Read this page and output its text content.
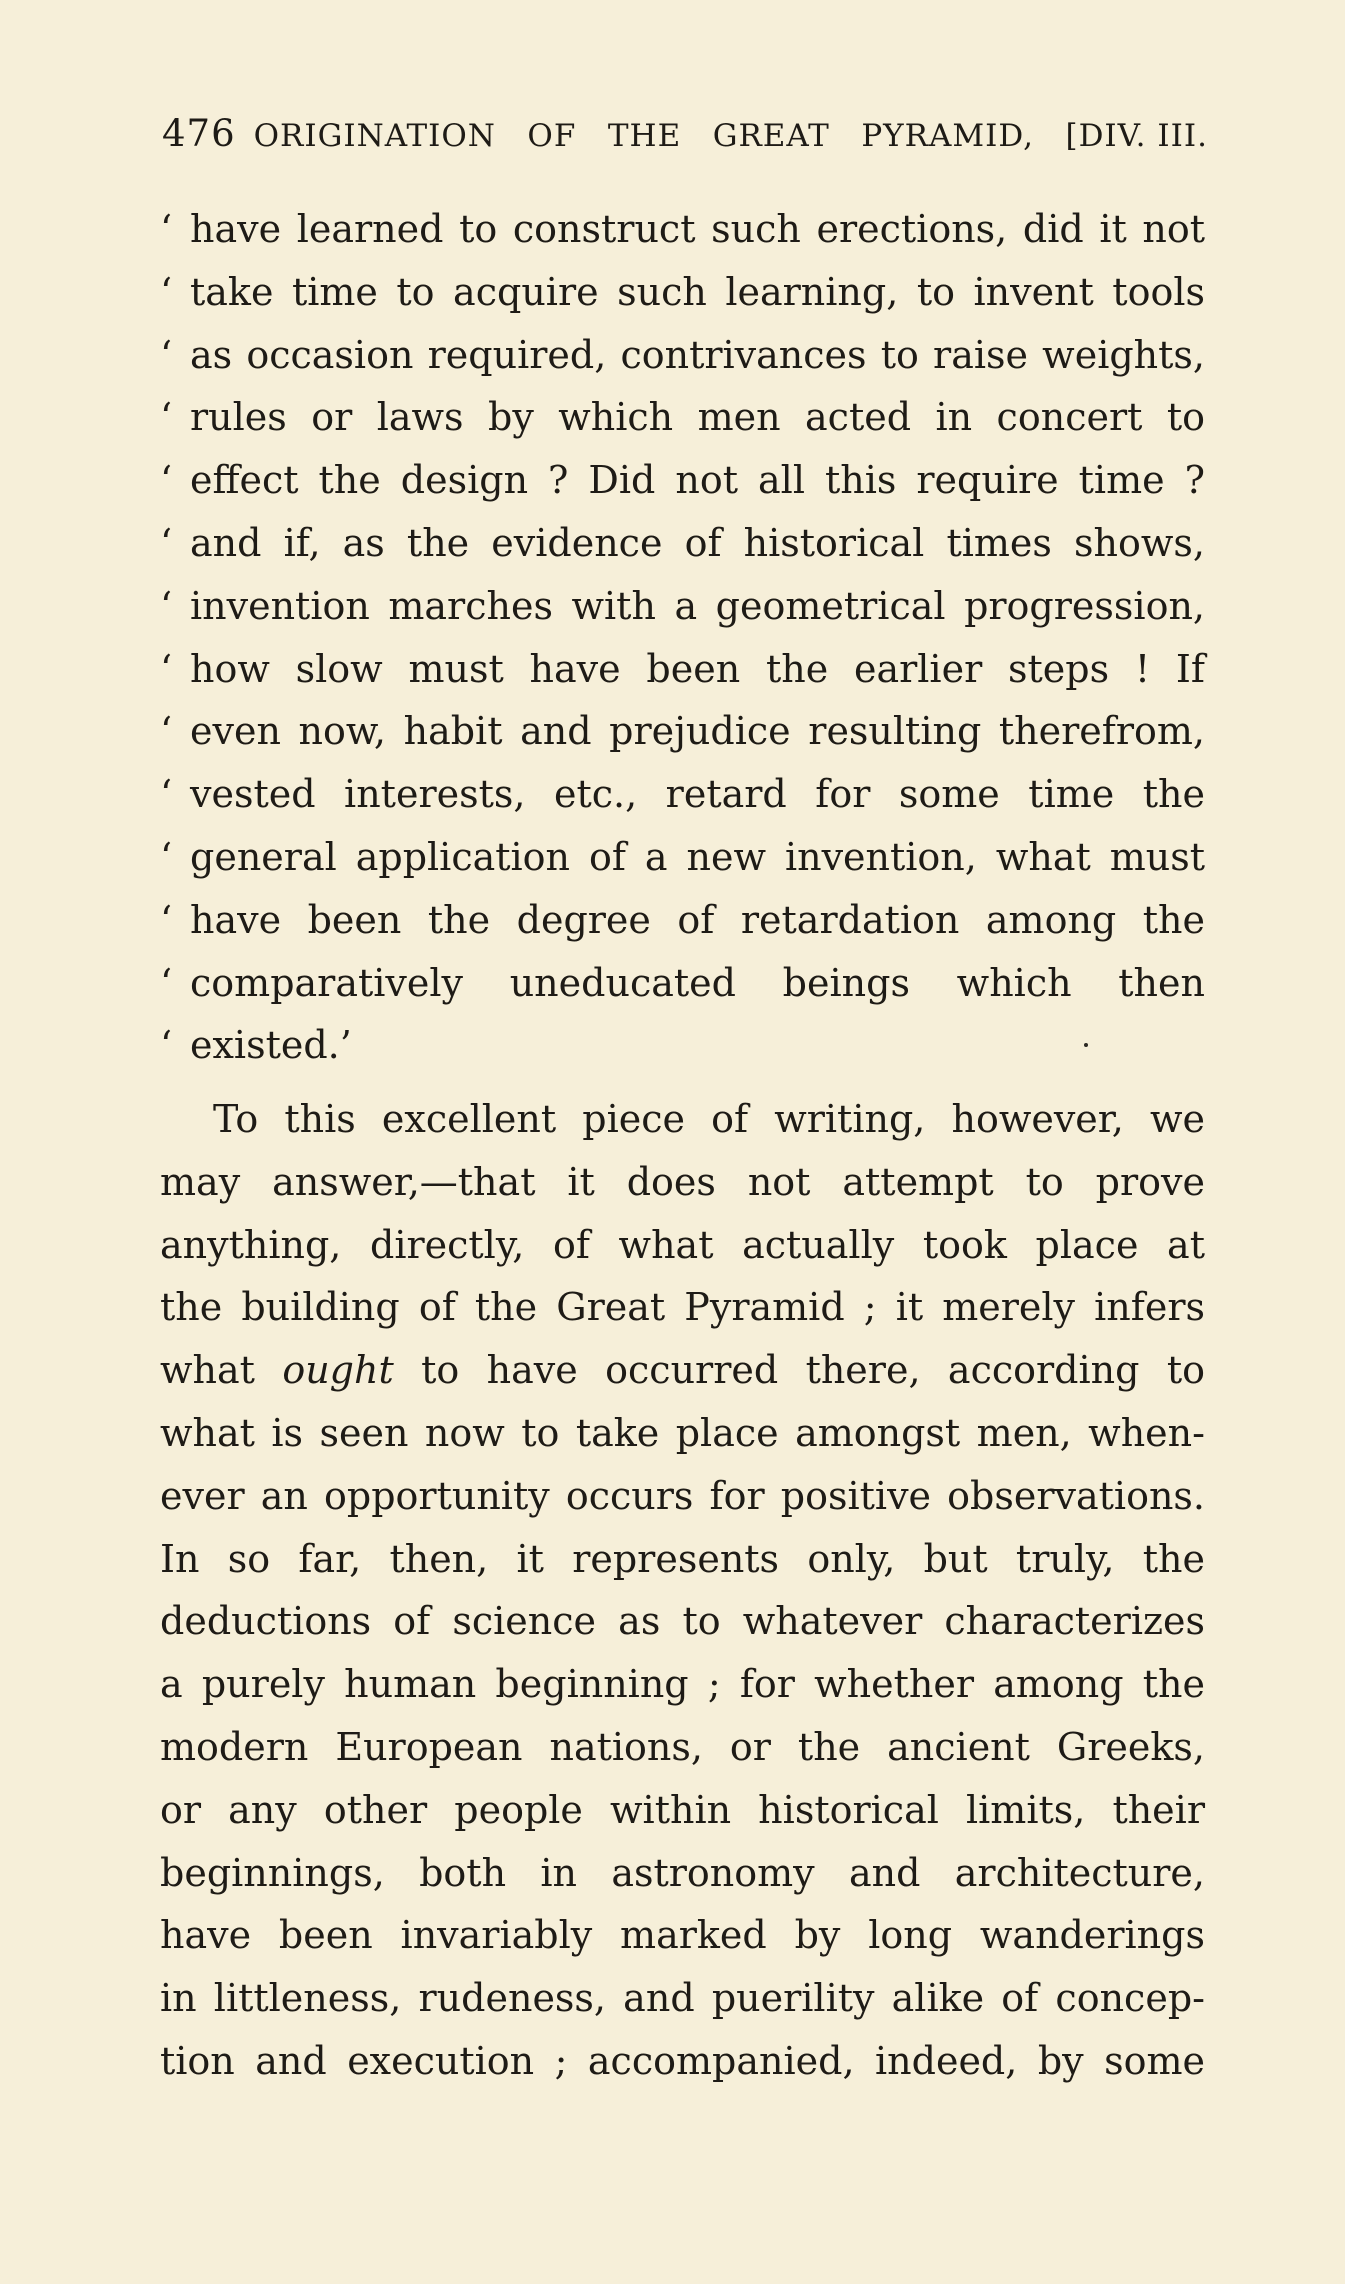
476 ORIGINATION OF THE GREAT PYRAMID, [DIV. III.
‘ have learned to construct such erections, did it not
‘ take time to acquire such learning, to invent tools
‘ as occasion required, contrivances to raise weights,
‘ rules or laws by which men acted in concert to
‘ effect the design ? Did not all this require time ?
‘ and if, as the evidence of historical times shows,
‘ invention marches with a geometrical progression,
‘ how slow must have been the earlier steps ! If
‘ even now, habit and prejudice resulting therefrom,
‘ vested interests, etc., retard for some time the
‘ general application of a new invention, what must
‘ have been the degree of retardation among the
‘ comparatively uneducated beings which then
‘ existed.’
To this excellent piece of writing, however, we
may answer,—that it does not attempt to prove
anything, directly, of what actually took place at
the building of the Great Pyramid ; it merely infers
what ought to have occurred there, according to
what is seen now to take place amongst men, when-
ever an opportunity occurs for positive observations.
In so far, then, it represents only, but truly, the
deductions of science as to whatever characterizes
a purely human beginning ; for whether among the
modern European nations, or the ancient Greeks,
or any other people within historical limits, their
beginnings, both in astronomy and architecture,
have been invariably marked by long wanderings
in littleness, rudeness, and puerility alike of concep-
tion and execution ; accompanied, indeed, by some
